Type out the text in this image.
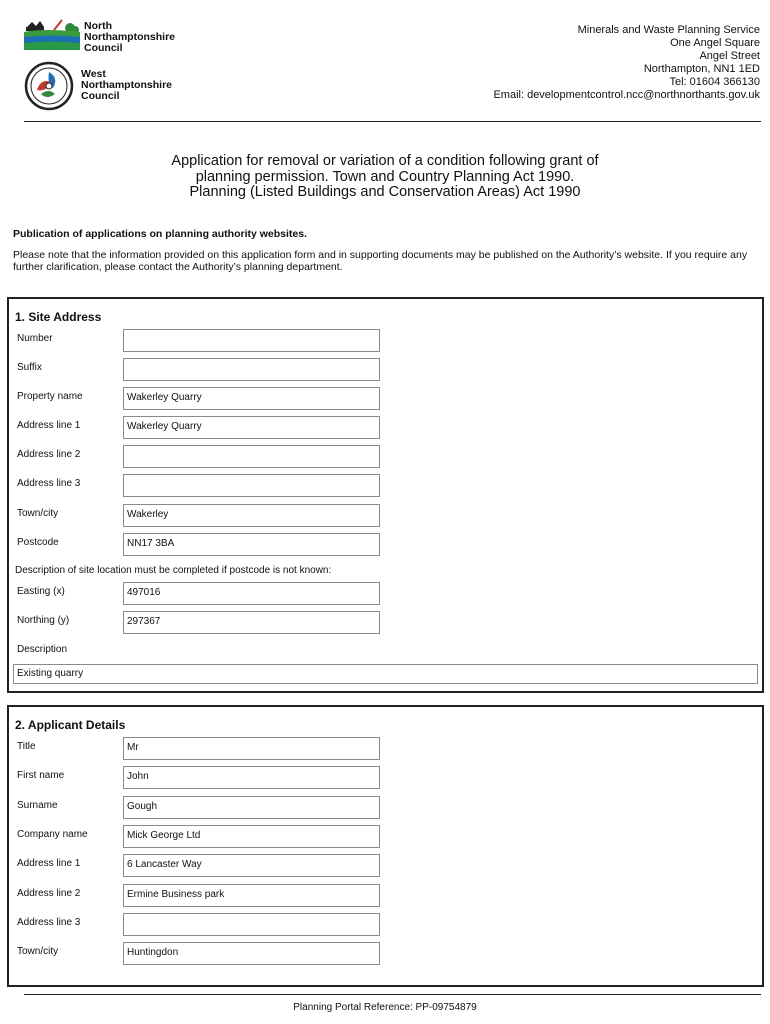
North
Northamptonshire
Council
West
Northamptonshire
Council
Minerals and Waste Planning Service
One Angel Square
Angel Street
Northampton, NN1 1ED
Tel: 01604 366130
Email: developmentcontrol.ncc@northnorthants.gov.uk
Application for removal or variation of a condition following grant of
planning permission. Town and Country Planning Act 1990.
Planning (Listed Buildings and Conservation Areas) Act 1990
Publication of applications on planning authority websites.
Please note that the information provided on this application form and in supporting documents may be published on the Authority’s website. If you require any further clarification, please contact the Authority’s planning department.
1. Site Address
Number
Suffix
Property name	Wakerley Quarry
Address line 1	Wakerley Quarry
Address line 2
Address line 3
Town/city	Wakerley
Postcode	NN17 3BA
Description of site location must be completed if postcode is not known:
Easting (x)	497016
Northing (y)	297367
Description
Existing quarry
2. Applicant Details
Title	Mr
First name	John
Surname	Gough
Company name	Mick George Ltd
Address line 1	6 Lancaster Way
Address line 2	Ermine Business park
Address line 3
Town/city	Huntingdon
Planning Portal Reference: PP-09754879
